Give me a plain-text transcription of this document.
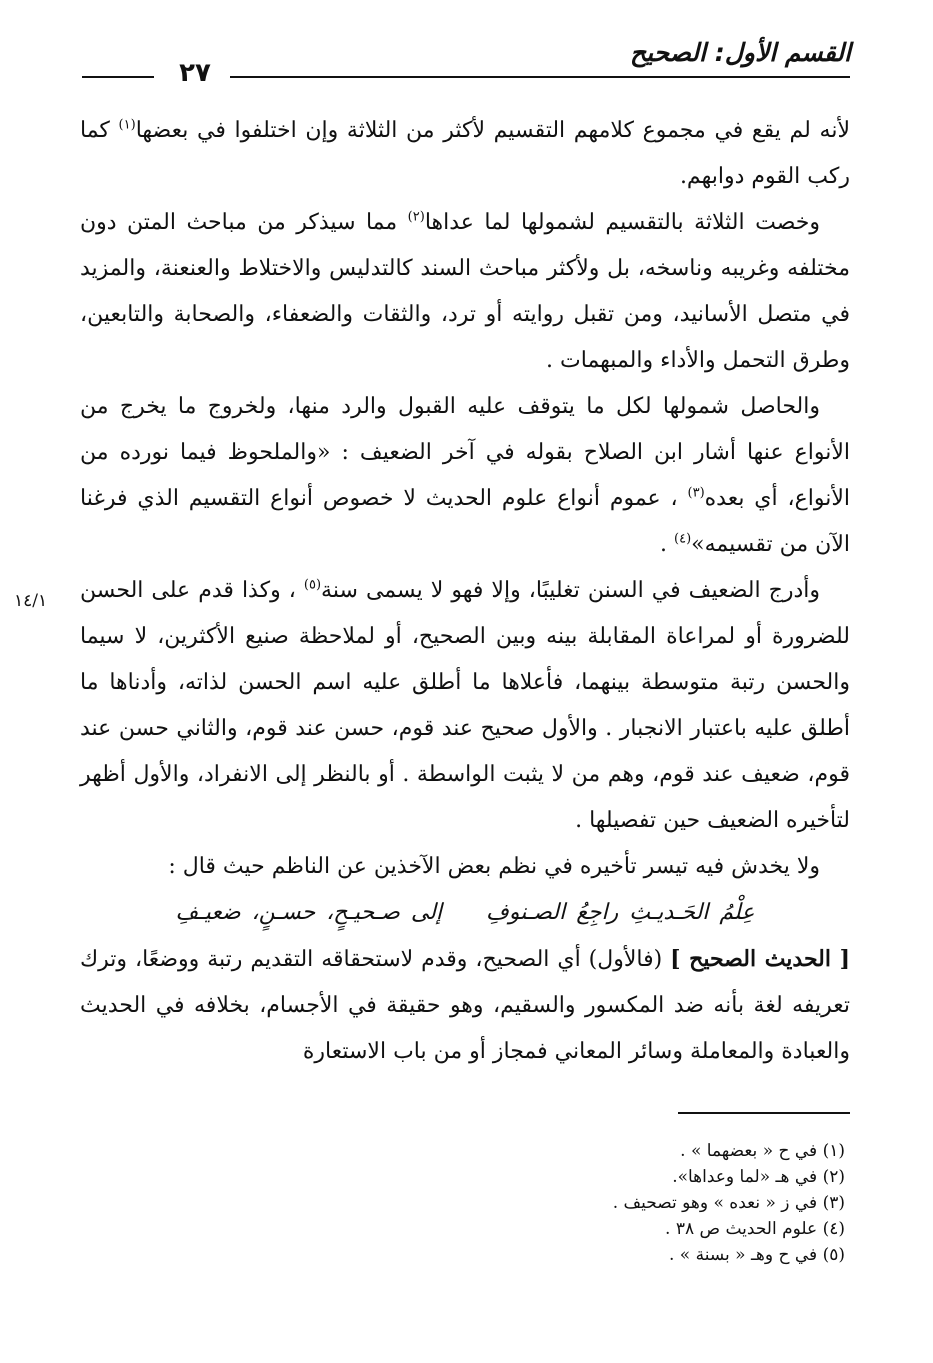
القسم الأول: الصحيح
٢٧
١٤/١

لأنه لم يقع في مجموع كلامهم التقسيم لأكثر من الثلاثة وإن اختلفوا في بعضها$^{(١)}$ كما ركب القوم دوابهم.

وخصت الثلاثة بالتقسيم لشمولها لما عداها$^{(٢)}$ مما سيذكر من مباحث المتن دون مختلفه وغريبه وناسخه، بل ولأكثر مباحث السند كالتدليس والاختلاط والعنعنة، والمزيد في متصل الأسانيد، ومن تقبل روايته أو ترد، والثقات والضعفاء، والصحابة والتابعين، وطرق التحمل والأداء والمبهمات .

والحاصل شمولها لكل ما يتوقف عليه القبول والرد منها، ولخروج ما يخرج من الأنواع عنها أشار ابن الصلاح بقوله في آخر الضعيف : «والملحوظ فيما نورده من الأنواع، أي بعده$^{(٣)}$ ، عموم أنواع علوم الحديث لا خصوص أنواع التقسيم الذي فرغنا الآن من تقسيمه»$^{(٤)}$ .

وأدرج الضعيف في السنن تغليبًا، وإلا فهو لا يسمى سنة$^{(٥)}$ ، وكذا قدم على الحسن للضرورة أو لمراعاة المقابلة بينه وبين الصحيح، أو لملاحظة صنيع الأكثرين، لا سيما والحسن رتبة متوسطة بينهما، فأعلاها ما أطلق عليه اسم الحسن لذاته، وأدناها ما أطلق عليه باعتبار الانجبار . والأول صحيح عند قوم، حسن عند قوم، والثاني حسن عند قوم، ضعيف عند قوم، وهم من لا يثبت الواسطة . أو بالنظر إلى الانفراد، والأول أظهر لتأخيره الضعيف حين تفصيلها .

ولا يخدش فيه تيسر تأخيره في نظم بعض الآخذين عن الناظم حيث قال :

عِلْمُ الحَـديـثِ راجِعُ الصـنوفِإلى صـحيـحٍ، حسـنٍ، ضعيـفِ

[ الحديث الصحيح ] (فالأول) أي الصحيح، وقدم لاستحقاقه التقديم رتبة ووضعًا، وترك تعريفه لغة بأنه ضد المكسور والسقيم، وهو حقيقة في الأجسام، بخلافه في الحديث والعبادة والمعاملة وسائر المعاني فمجاز أو من باب الاستعارة

(١) في ح « بعضهما » .
(٢) في هـ «لما وعداها».
(٣) في ز « نعده » وهو تصحيف .
(٤) علوم الحديث ص ٣٨ .
(٥) في ح وهـ « بسنة » .
